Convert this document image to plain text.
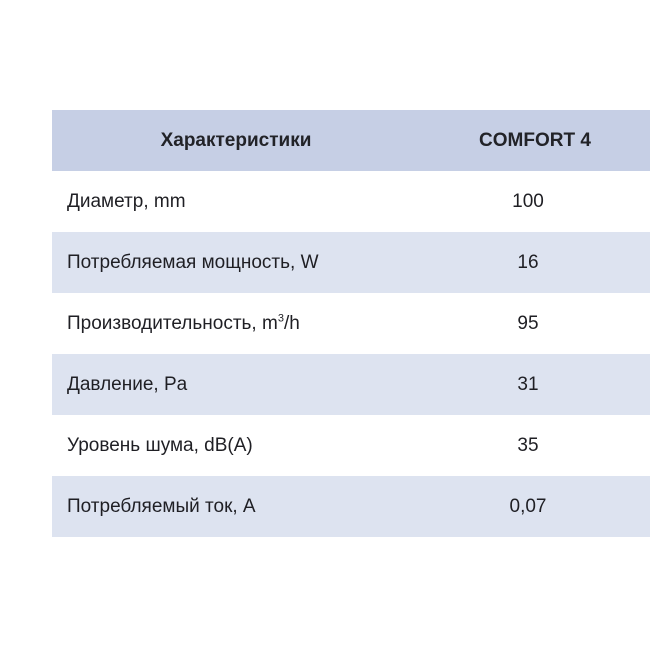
Характеристики	COMFORT 4
Диаметр, mm	100
Потребляемая мощность, W	16
Производительность, $m^3/h$	95
Давление, Pa	31
Уровень шума, dB(A)	35
Потребляемый ток, A	0,07
